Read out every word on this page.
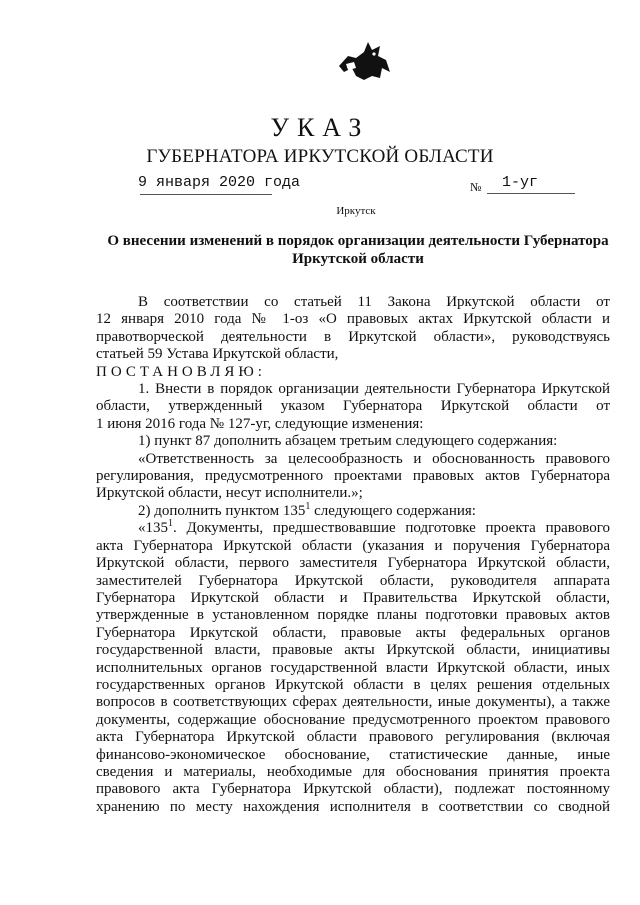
УКАЗ
ГУБЕРНАТОРА ИРКУТСКОЙ ОБЛАСТИ
9 января 2020 года	№ 1-уг
Иркутск
О внесении изменений в порядок организации деятельности Губернатора
Иркутской области

В соответствии со статьей 11 Закона Иркутской области от

12 января 2010 года № 1-оз «О правовых актах Иркутской области и

правотворческой деятельности в Иркутской области», руководствуясь

статьей 59 Устава Иркутской области,

ПОСТАНОВЛЯЮ:

1. Внести в порядок организации деятельности Губернатора Иркутской

области, утвержденный указом Губернатора Иркутской области от

1 июня 2016 года № 127-уг, следующие изменения:

1) пункт 87 дополнить абзацем третьим следующего содержания:

«Ответственность за целесообразность и обоснованность правового

регулирования, предусмотренного проектами правовых актов Губернатора

Иркутской области, несут исполнители.»;

2) дополнить пунктом $135^1$ следующего содержания:

«$135^1$. Документы, предшествовавшие подготовке проекта правового

акта Губернатора Иркутской области (указания и поручения Губернатора

Иркутской области, первого заместителя Губернатора Иркутской области,

заместителей Губернатора Иркутской области, руководителя аппарата

Губернатора Иркутской области и Правительства Иркутской области,

утвержденные в установленном порядке планы подготовки правовых актов

Губернатора Иркутской области, правовые акты федеральных органов

государственной власти, правовые акты Иркутской области, инициативы

исполнительных органов государственной власти Иркутской области, иных

государственных органов Иркутской области в целях решения отдельных

вопросов в соответствующих сферах деятельности, иные документы), а также

документы, содержащие обоснование предусмотренного проектом правового

акта Губернатора Иркутской области правового регулирования (включая

финансово-экономическое обоснование, статистические данные, иные

сведения и материалы, необходимые для обоснования принятия проекта

правового акта Губернатора Иркутской области), подлежат постоянному

хранению по месту нахождения исполнителя в соответствии со сводной
